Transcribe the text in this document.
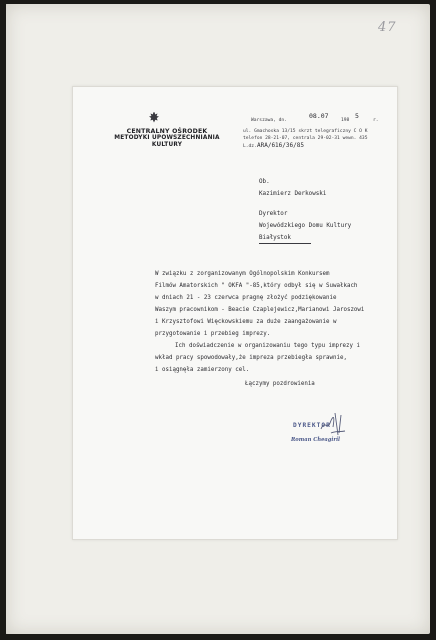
47
CENTRALNY OŚRODEK
METODYKI UPOWSZECHNIANIA
KULTURY
Warszawa, dn.
08.07
198
5
r.
ul. Gmachoska 13/15 skrzt telegraficzny C O K
telefon 28-21-07, centrala 29-02-31 wewn. 435
L.dz. ARA/616/36/85
Ob.
Kazimierz Derkowski
Dyrektor
Wojewódzkiego Domu Kultury
Białystok
W związku z zorganizowanym Ogólnopolskim Konkursem
Filmów Amatorskich " OKFA "-85,który odbył się w Suwałkach
w dniach 21 - 23 czerwca pragnę złożyć podziękowanie
Waszym pracownikom - Beacie Czaplejewicz,Marianowi Jaroszowi
i Krzysztofowi Więckowskiemu za duże zaangażowanie w
przygotowanie i przebieg imprezy.
Ich doświadczenie w organizowaniu tego typu imprezy i
wkład pracy spowodowały,że impreza przebiegła sprawnie,
i osiągnęła zamierzony cel.
Łączymy pozdrowienia
DYREKTOR
Roman Cheagiril
